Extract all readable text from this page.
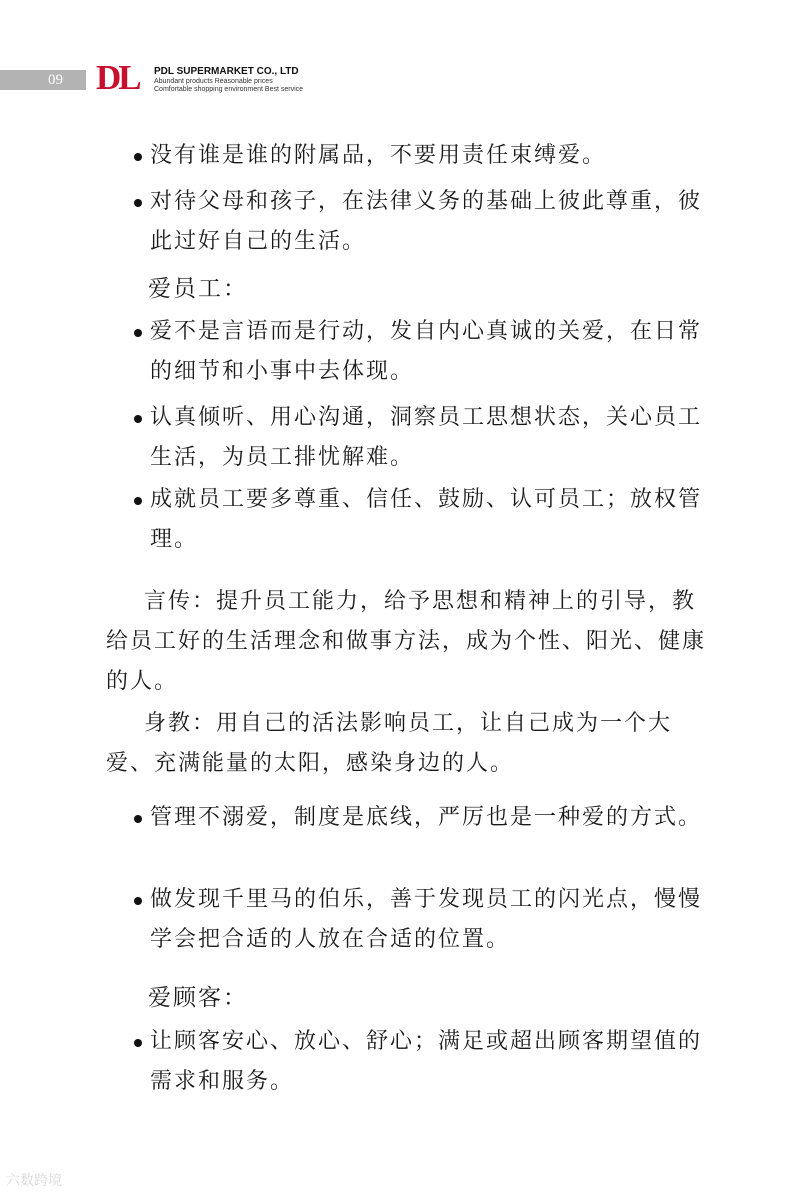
09 DL PDL SUPERMARKET CO., LTD
Abundant products Reasonable prices
Comfortable shopping environment Best service
没有谁是谁的附属品，不要用责任束缚爱。
对待父母和孩子，在法律义务的基础上彼此尊重，彼此过好自己的生活。
爱员工：
爱不是言语而是行动，发自内心真诚的关爱，在日常的细节和小事中去体现。
认真倾听、用心沟通，洞察员工思想状态，关心员工生活，为员工排忧解难。
成就员工要多尊重、信任、鼓励、认可员工；放权管理。
言传：提升员工能力，给予思想和精神上的引导，教给员工好的生活理念和做事方法，成为个性、阳光、健康的人。
身教：用自己的活法影响员工，让自己成为一个大爱、充满能量的太阳，感染身边的人。
管理不溺爱，制度是底线，严厉也是一种爱的方式。
做发现千里马的伯乐，善于发现员工的闪光点，慢慢学会把合适的人放在合适的位置。
爱顾客：
让顾客安心、放心、舒心；满足或超出顾客期望值的需求和服务。
六数跨境
